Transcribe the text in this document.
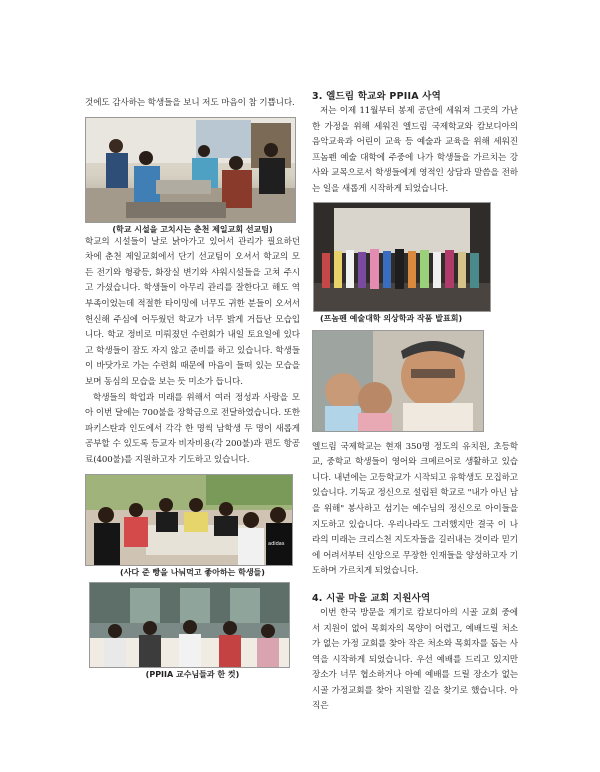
것에도 감사하는 학생들을 보니 저도 마음이 참 기쁩니다.

(학교 시설을 고치시는 춘천 제일교회 선교팀)

학교의 시설들이 날로 낡아가고 있어서 관리가 필요하던 차에 춘천 제일교회에서 단기 선교팀이 오셔서 학교의 모든 전기와 형광등, 화장실 변기와 샤워시설들을 고쳐 주시고 가셨습니다. 학생들이 아무리 관리를 잘한다고 해도 역부족이었는데 적절한 타이밍에 너무도 귀한 분들이 오셔서 헌신해 주심에 어두웠던 학교가 너무 밝게 거듭난 모습입니다. 학교 정비로 미뤄졌던 수련회가 내일 토요일에 있다고 학생들이 잠도 자지 않고 준비를 하고 있습니다. 학생들이 바닷가로 가는 수련회 때문에 마음이 들떠 있는 모습을 보며 동심의 모습을 보는 듯 미소가 듭니다.

학생들의 학업과 미래를 위해서 여러 정성과 사랑을 모아 이번 달에는 700불을 장학금으로 전달하였습니다. 또한 파키스탄과 인도에서 각각 한 명씩 남학생 두 명이 새롭게 공부할 수 있도록 등교자 비자비용(각 200불)과 편도 항공료(400불)를 지원하고자 기도하고 있습니다.

adidas

(사다 준 빵을 나눠먹고 좋아하는 학생들)

(PPIIA 교수님들과 한 컷)

3. 엘드림 학교와 PPIIA 사역

저는 이제 11월부터 봉제 공단에 세워져 그곳의 가난한 가정을 위해 세워진 엘드림 국제학교와 캄보디아의 음악교육과 어린이 교육 등 예술과 교육을 위해 세워진 프놈펜 예술 대학에 주중에 나가 학생들을 가르치는 강사와 교목으로서 학생들에게 영적인 상담과 말씀을 전하는 일을 새롭게 시작하게 되었습니다.

(프놈펜 예술대학 의상학과 작품 발표회)

엘드림 국제학교는 현재 350명 정도의 유치원, 초등학교, 중학교 학생들이 영어와 크메르어로 생활하고 있습니다. 내년에는 고등학교가 시작되고 유학생도 모집하고 있습니다. 기독교 정신으로 설립된 학교로 "내가 아닌 남을 위해" 봉사하고 섬기는 예수님의 정신으로 아이들을 지도하고 있습니다. 우리나라도 그러했지만 결국 이 나라의 미래는 크리스천 지도자들을 길러내는 것이라 믿기에 어려서부터 신앙으로 무장한 인재들을 양성하고자 기도하며 가르치게 되었습니다.

4. 시골 마을 교회 지원사역

이번 한국 방문을 계기로 캄보디아의 시골 교회 중에서 지원이 없어 목회자의 목양이 어렵고, 예배드릴 처소가 없는 가정 교회를 찾아 작은 처소와 목회자를 돕는 사역을 시작하게 되었습니다. 우선 예배를 드리고 있지만 장소가 너무 협소하거나 아예 예배를 드릴 장소가 없는 시골 가정교회를 찾아 지원할 길을 찾기로 했습니다. 아직은
